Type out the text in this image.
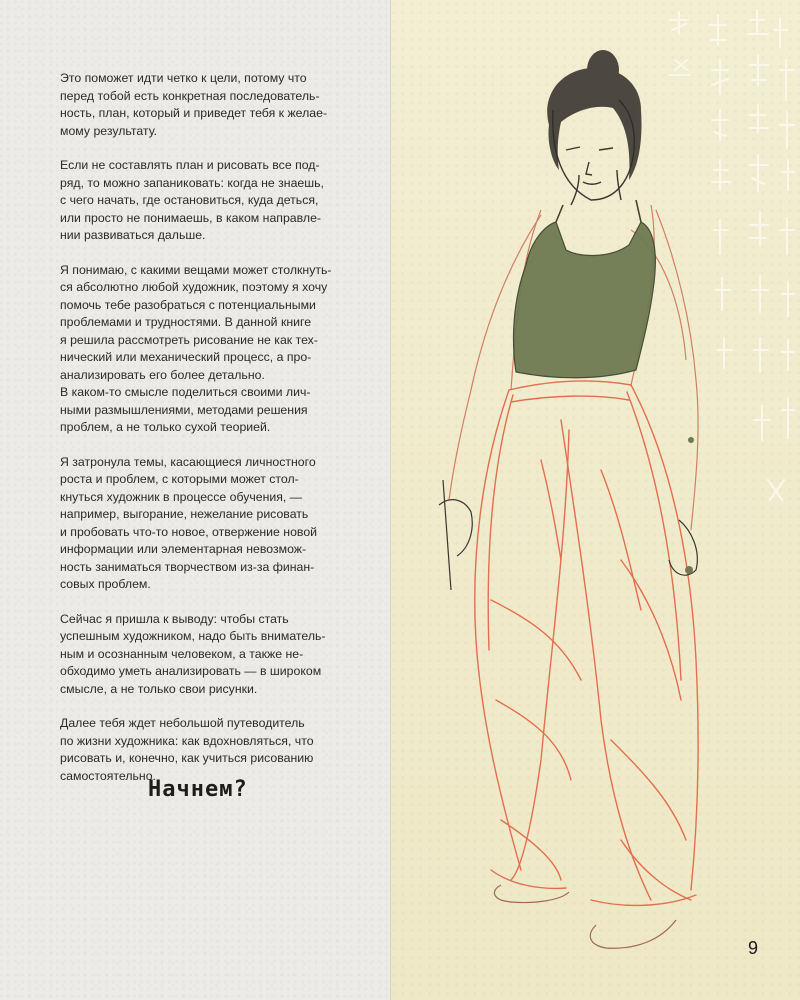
Это поможет идти четко к цели, потому что
перед тобой есть конкретная последователь-
ность, план, который и приведет тебя к желае-
мому результату.

Если не составлять план и рисовать все под-
ряд, то можно запаниковать: когда не знаешь,
с чего начать, где остановиться, куда деться,
или просто не понимаешь, в каком направле-
нии развиваться дальше.

Я понимаю, с какими вещами может столкнуть-
ся абсолютно любой художник, поэтому я хочу
помочь тебе разобраться с потенциальными
проблемами и трудностями. В данной книге
я решила рассмотреть рисование не как тех-
нический или механический процесс, а про-
анализировать его более детально.

В каком-то смысле поделиться своими лич-
ными размышлениями, методами решения
проблем, а не только сухой теорией.

Я затронула темы, касающиеся личностного
роста и проблем, с которыми может стол-
кнуться художник в процессе обучения, —
например, выгорание, нежелание рисовать
и пробовать что-то новое, отвержение новой
информации или элементарная невозмож-
ность заниматься творчеством из-за финан-
совых проблем.

Сейчас я пришла к выводу: чтобы стать
успешным художником, надо быть вниматель-
ным и осознанным человеком, а также не-
обходимо уметь анализировать — в широком
смысле, а не только свои рисунки.

Далее тебя ждет небольшой путеводитель
по жизни художника: как вдохновляться, что
рисовать и, конечно, как учиться рисованию
самостоятельно.

Начнем?
9
